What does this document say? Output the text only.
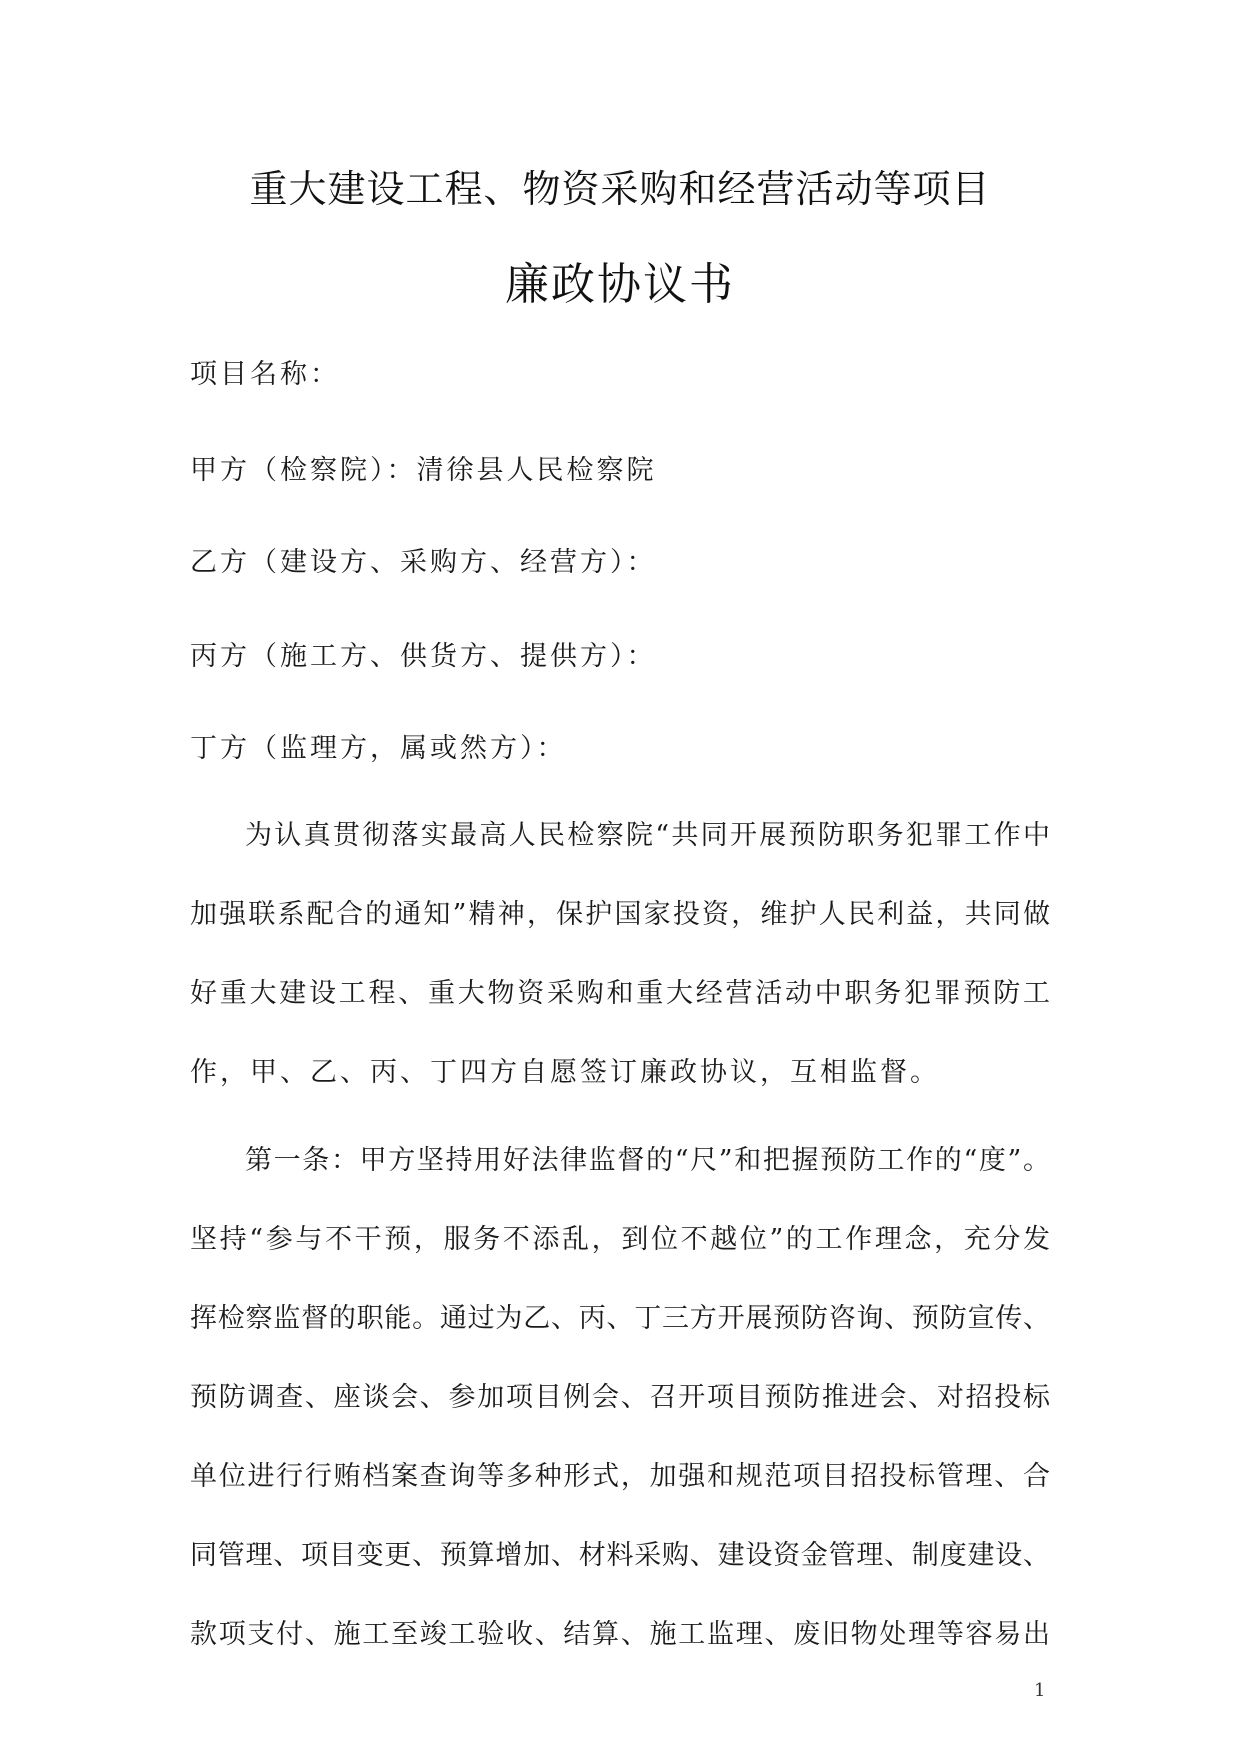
重大建设工程、物资采购和经营活动等项目
廉政协议书
项目名称：
甲方（检察院）：清徐县人民检察院
乙方（建设方、采购方、经营方）：
丙方（施工方、供货方、提供方）：
丁方（监理方，属或然方）：
为认真贯彻落实最高人民检察院“共同开展预防职务犯罪工作中
加强联系配合的通知”精神，保护国家投资，维护人民利益，共同做
好重大建设工程、重大物资采购和重大经营活动中职务犯罪预防工
作，甲、乙、丙、丁四方自愿签订廉政协议，互相监督。
第一条：甲方坚持用好法律监督的“尺”和把握预防工作的“度”。
坚持“参与不干预，服务不添乱，到位不越位”的工作理念，充分发
挥检察监督的职能。通过为乙、丙、丁三方开展预防咨询、预防宣传、
预防调查、座谈会、参加项目例会、召开项目预防推进会、对招投标
单位进行行贿档案查询等多种形式，加强和规范项目招投标管理、合
同管理、项目变更、预算增加、材料采购、建设资金管理、制度建设、
款项支付、施工至竣工验收、结算、施工监理、废旧物处理等容易出
1
